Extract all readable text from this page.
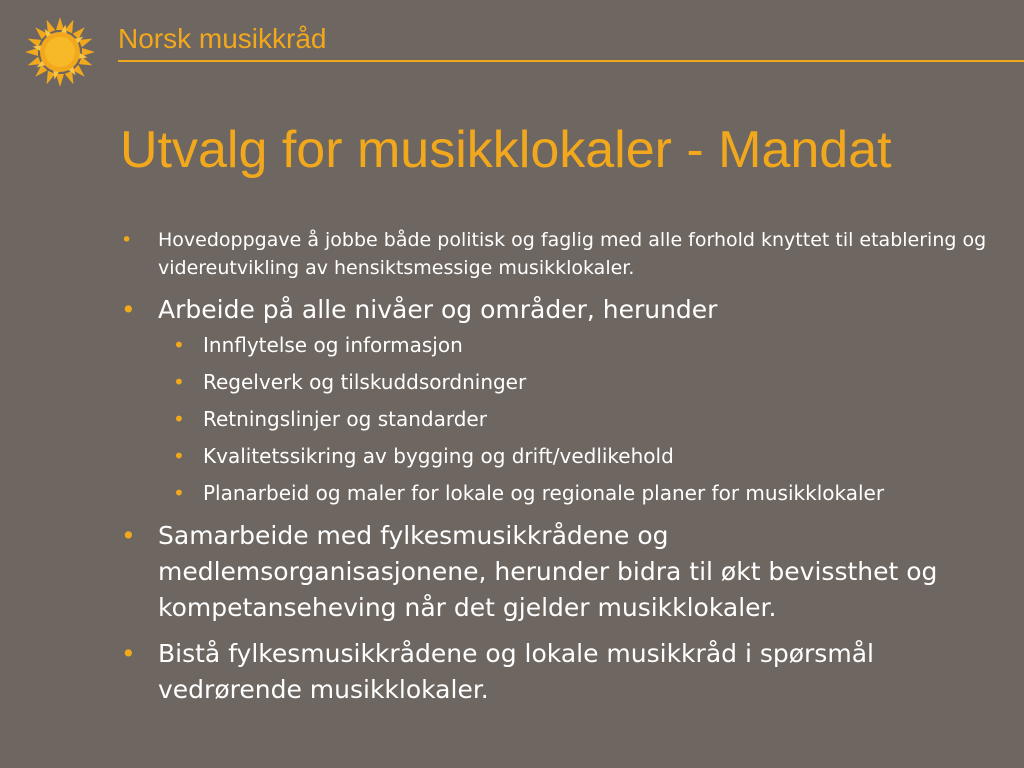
Norsk musikkråd
Utvalg for musikklokaler - Mandat
• Hovedoppgave å jobbe både politisk og faglig med alle forhold knyttet til etablering og videreutvikling av hensiktsmessige musikklokaler.
• Arbeide på alle nivåer og områder, herunder
• Innflytelse og informasjon
• Regelverk og tilskuddsordninger
• Retningslinjer og standarder
• Kvalitetssikring av bygging og drift/vedlikehold
• Planarbeid og maler for lokale og regionale planer for musikklokaler
• Samarbeide med fylkesmusikkrådene og medlemsorganisasjonene, herunder bidra til økt bevissthet og kompetanseheving når det gjelder musikklokaler.
• Bistå fylkesmusikkrådene og lokale musikkråd i spørsmål vedrørende musikklokaler.
